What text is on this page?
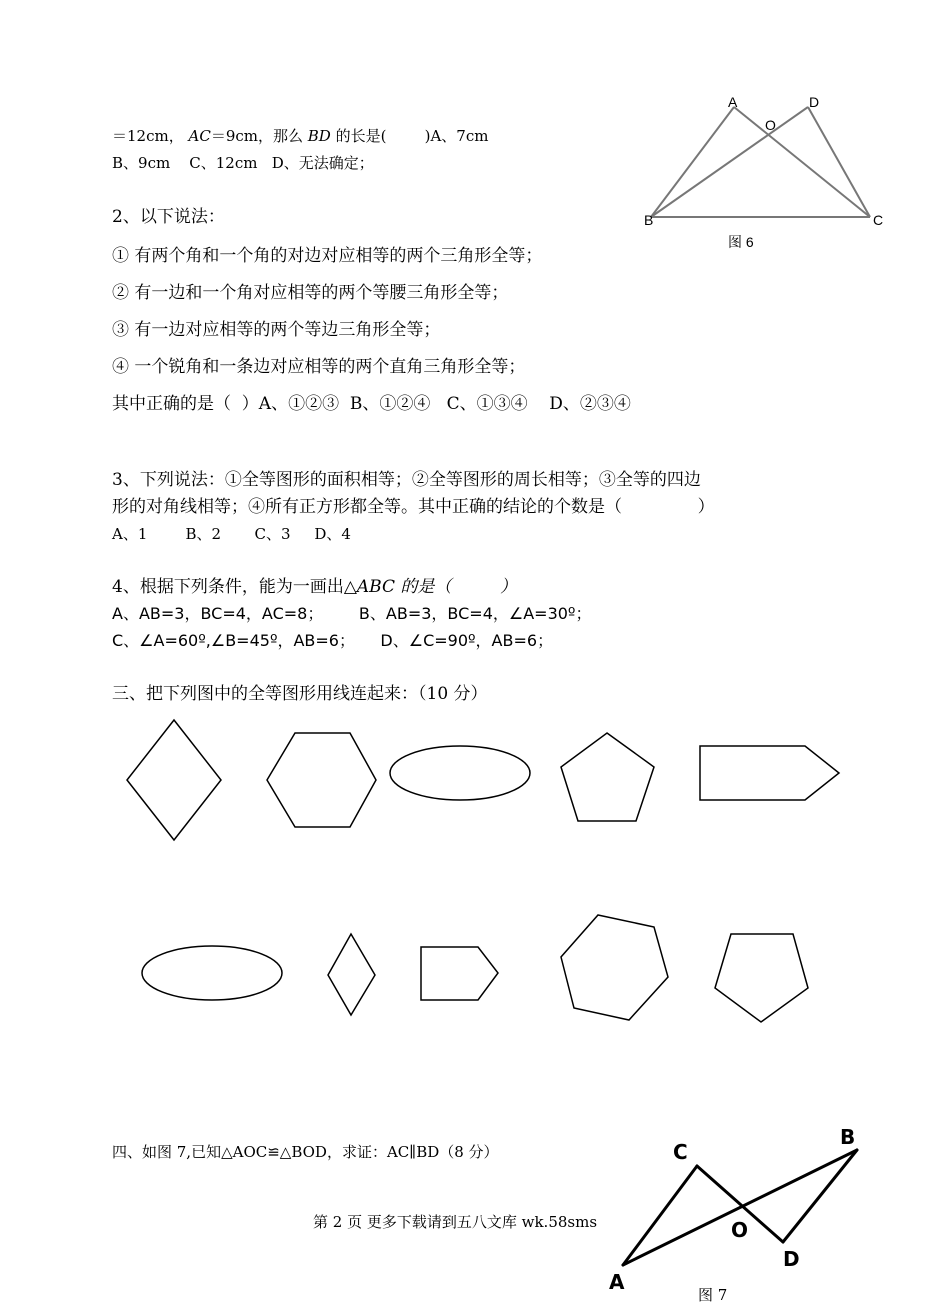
＝12cm， AC＝9cm，那么 BD 的长是(        )A、7cm
B、9cm    C、12cm   D、无法确定；
A	D
O
B	C
图 6
2、以下说法：
① 有两个角和一个角的对边对应相等的两个三角形全等；
② 有一边和一个角对应相等的两个等腰三角形全等；
③ 有一边对应相等的两个等边三角形全等；
④ 一个锐角和一条边对应相等的两个直角三角形全等；
其中正确的是（  ）A、①②③  B、①②④   C、①③④    D、②③④
3、下列说法：①全等图形的面积相等；②全等图形的周长相等；③全等的四边
形的对角线相等；④所有正方形都全等。其中正确的结论的个数是（              ）
A、1        B、2       C、3     D、4
4、根据下列条件，能为一画出△ABC 的是（         ）
A、AB=3，BC=4，AC=8；       B、AB=3，BC=4，∠A=30º；
C、∠A=60º,∠B=45º，AB=6；     D、∠C=90º，AB=6；
三、把下列图中的全等图形用线连起来：（10 分）
四、如图 7,已知△AOC≌△BOD，求证：AC∥BD（8 分）	C
B
O
D
A
图 7
第 2 页 更多下载请到五八文库 wk.58sms
